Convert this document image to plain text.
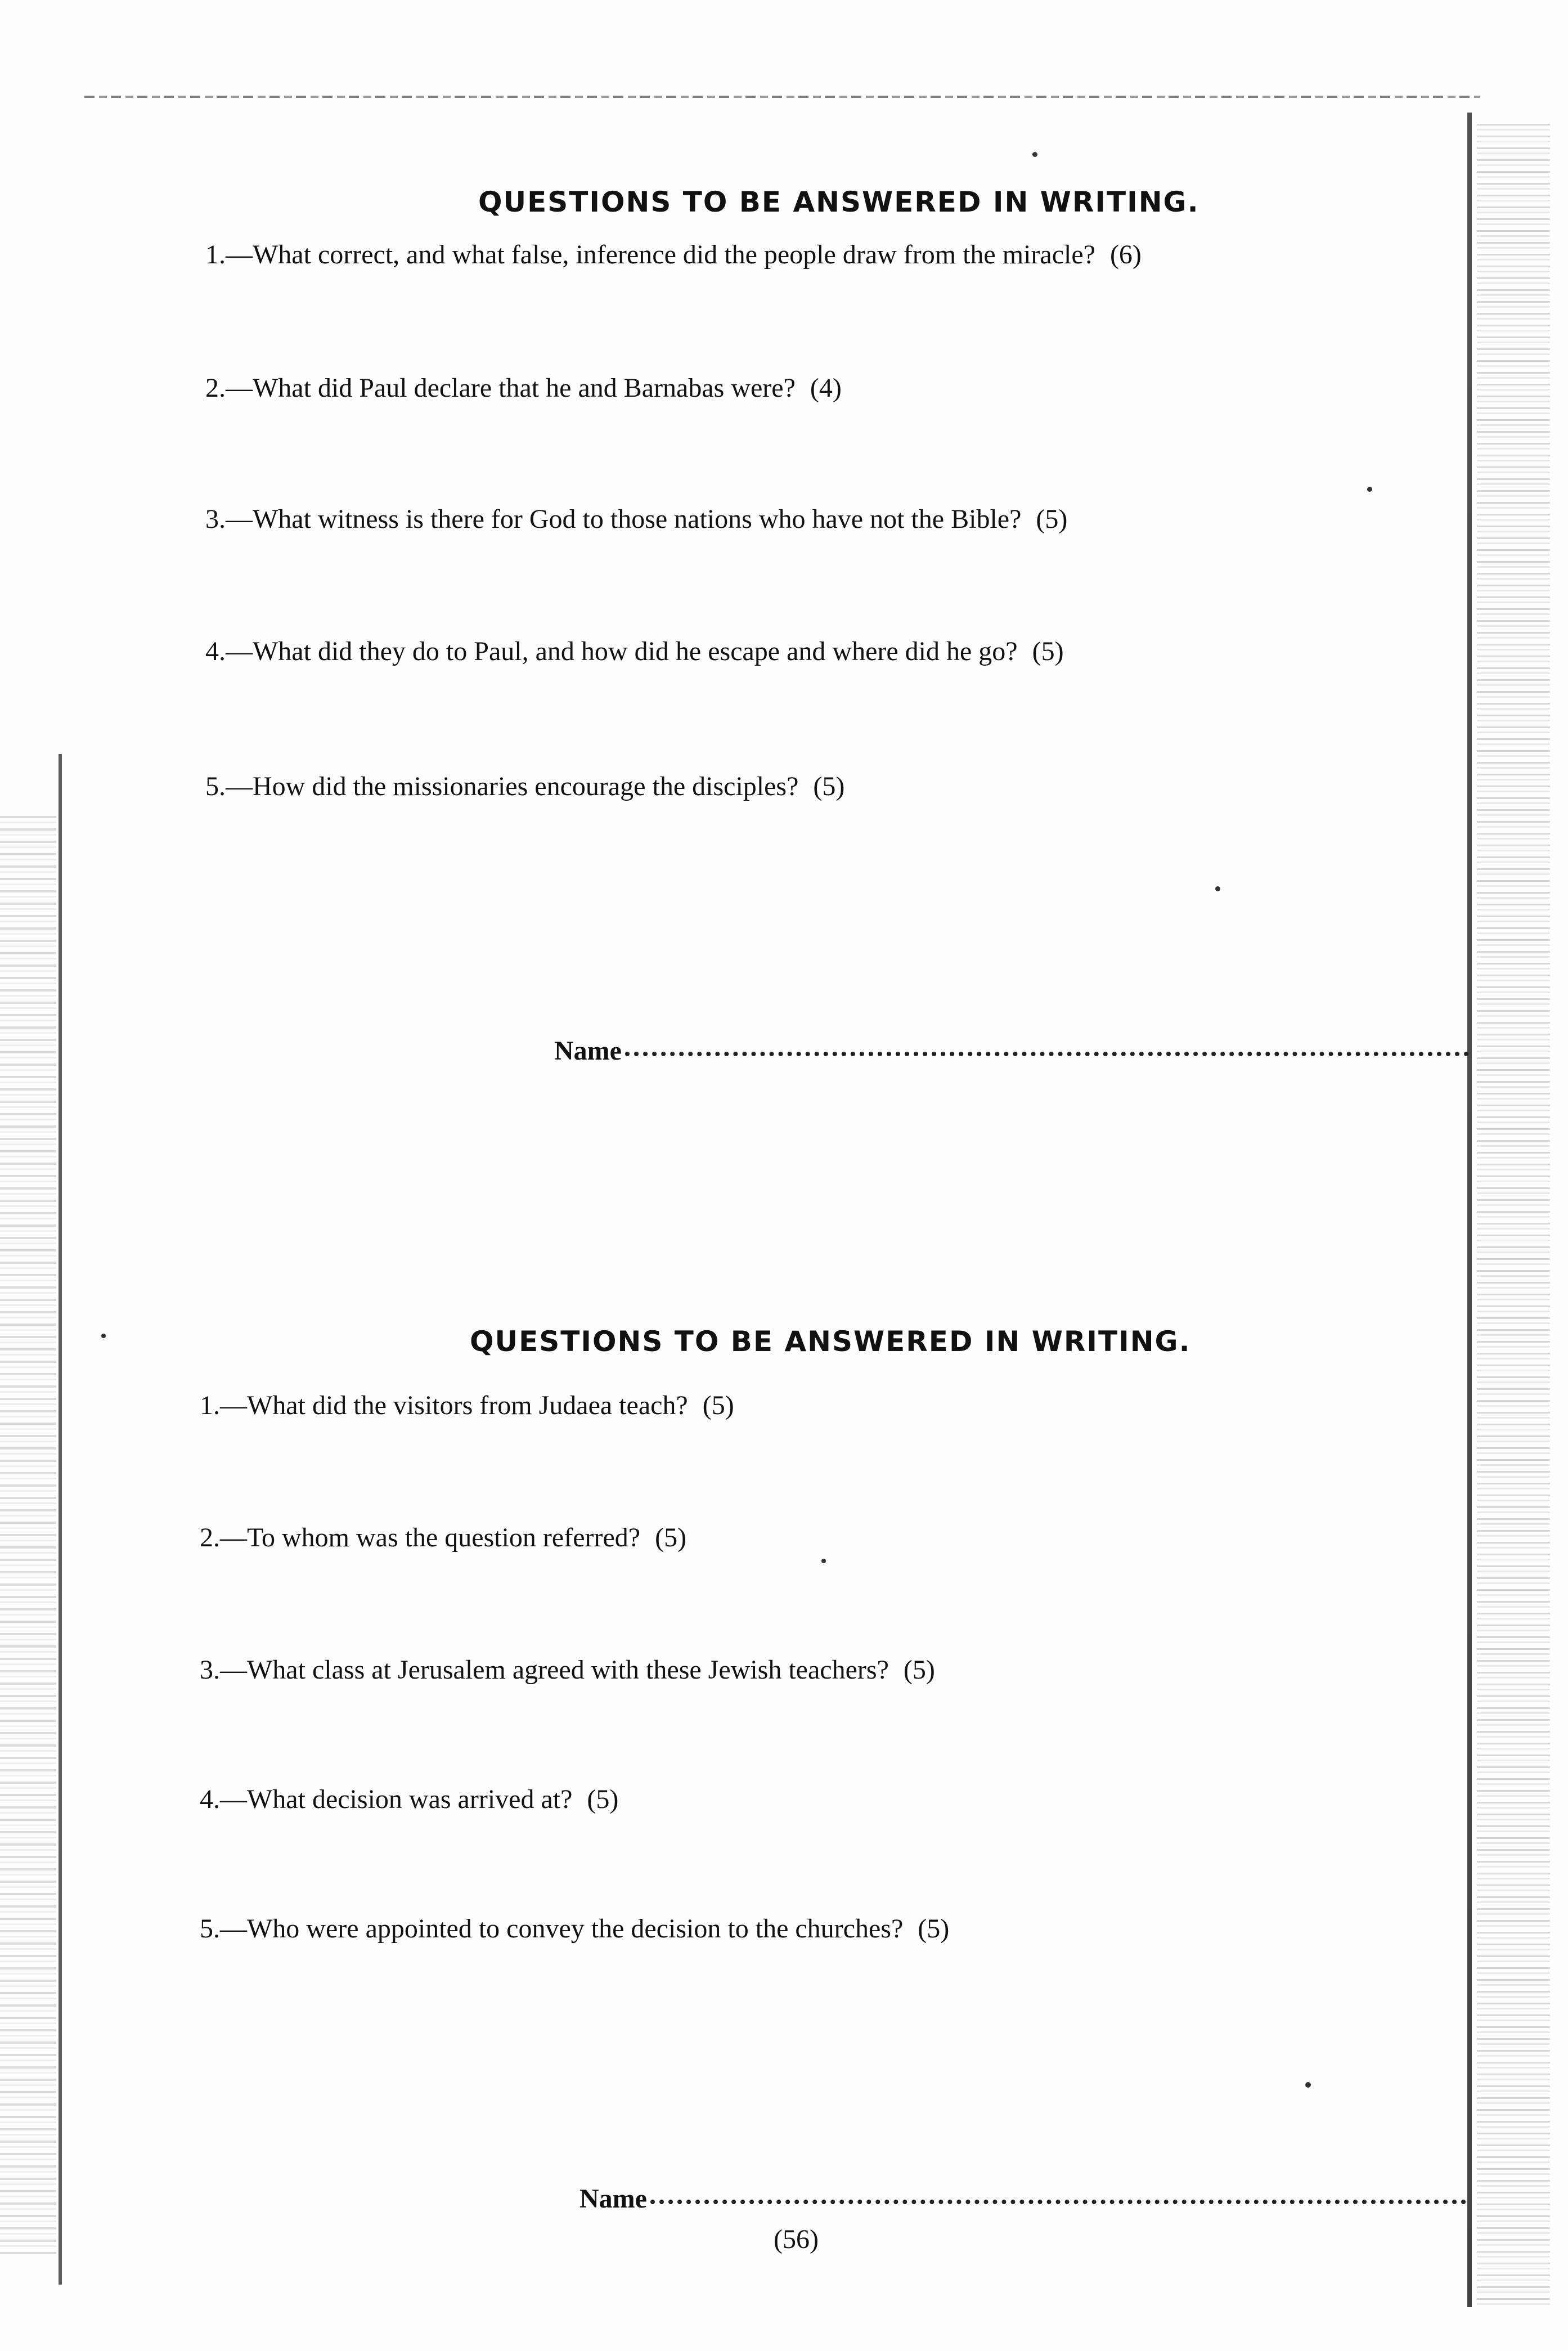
QUESTIONS TO BE ANSWERED IN WRITING.
1.—What correct, and what false, inference did the people draw from the miracle? (6)
2.—What did Paul declare that he and Barnabas were? (4)
3.—What witness is there for God to those nations who have not the Bible? (5)
4.—What did they do to Paul, and how did he escape and where did he go? (5)
5.—How did the missionaries encourage the disciples? (5)
Name
QUESTIONS TO BE ANSWERED IN WRITING.
1.—What did the visitors from Judaea teach? (5)
2.—To whom was the question referred? (5)
3.—What class at Jerusalem agreed with these Jewish teachers? (5)
4.—What decision was arrived at? (5)
5.—Who were appointed to convey the decision to the churches? (5)
Name
(56)
